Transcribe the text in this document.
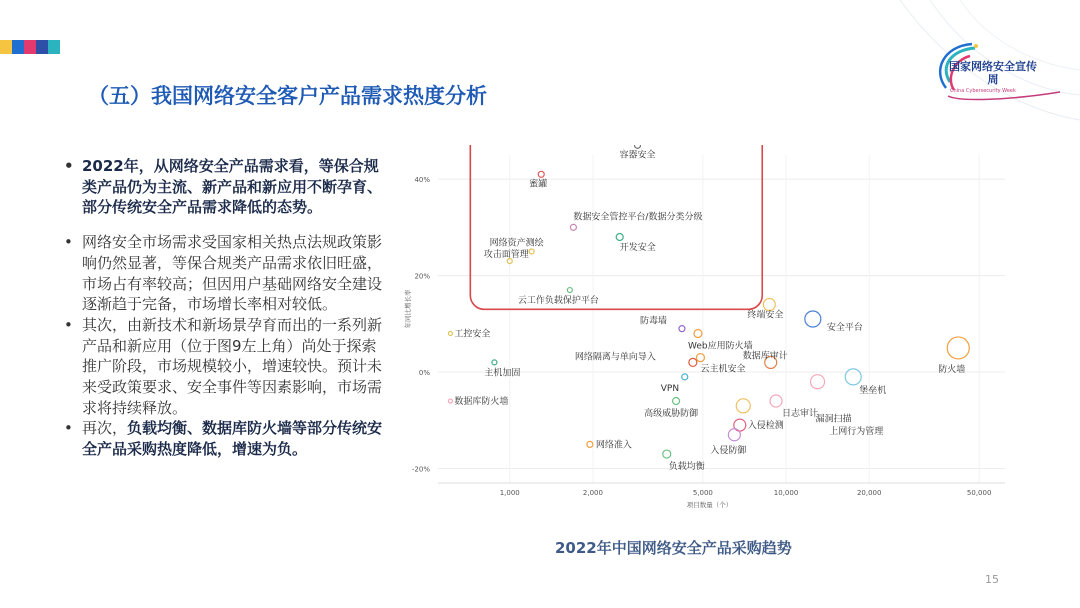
国家网络安全宣传周
China Cybersecurity Week
（五）我国网络安全客户产品需求热度分析
• 2022年，从网络安全产品需求看，等保合规类产品仍为主流、新产品和新应用不断孕育、部分传统安全产品需求降低的态势。
• 网络安全市场需求受国家相关热点法规政策影响仍然显著，等保合规类产品需求依旧旺盛，市场占有率较高；但因用户基础网络安全建设逐渐趋于完备，市场增长率相对较低。
• 其次，由新技术和新场景孕育而出的一系列新产品和新应用（位于图9左上角）尚处于探索推广阶段，市场规模较小，增速较快。预计未来受政策要求、安全事件等因素影响，市场需求将持续释放。
• 再次，负载均衡、数据库防火墙等部分传统安全产品采购热度降低，增速为负。
40%
20%
0%
-20%
1,000	2,000	5,000	10,000	20,000	50,000
项目数量（个）
年同比增长率
容器安全
蜜罐
数据安全管控平台/数据分类分级
开发安全
网络资产测绘
攻击面管理
云工作负载保护平台
终端安全
安全平台
防毒墙
Web应用防火墙
工控安全
数据库审计
防火墙
网络隔离与单向导入
主机加固	云主机安全
VPN	堡垒机
漏洞扫描
日志审计
上网行为管理
数据库防火墙
高级威胁防御
入侵检测
入侵防御
网络准入
负载均衡
2022年中国网络安全产品采购趋势
15
